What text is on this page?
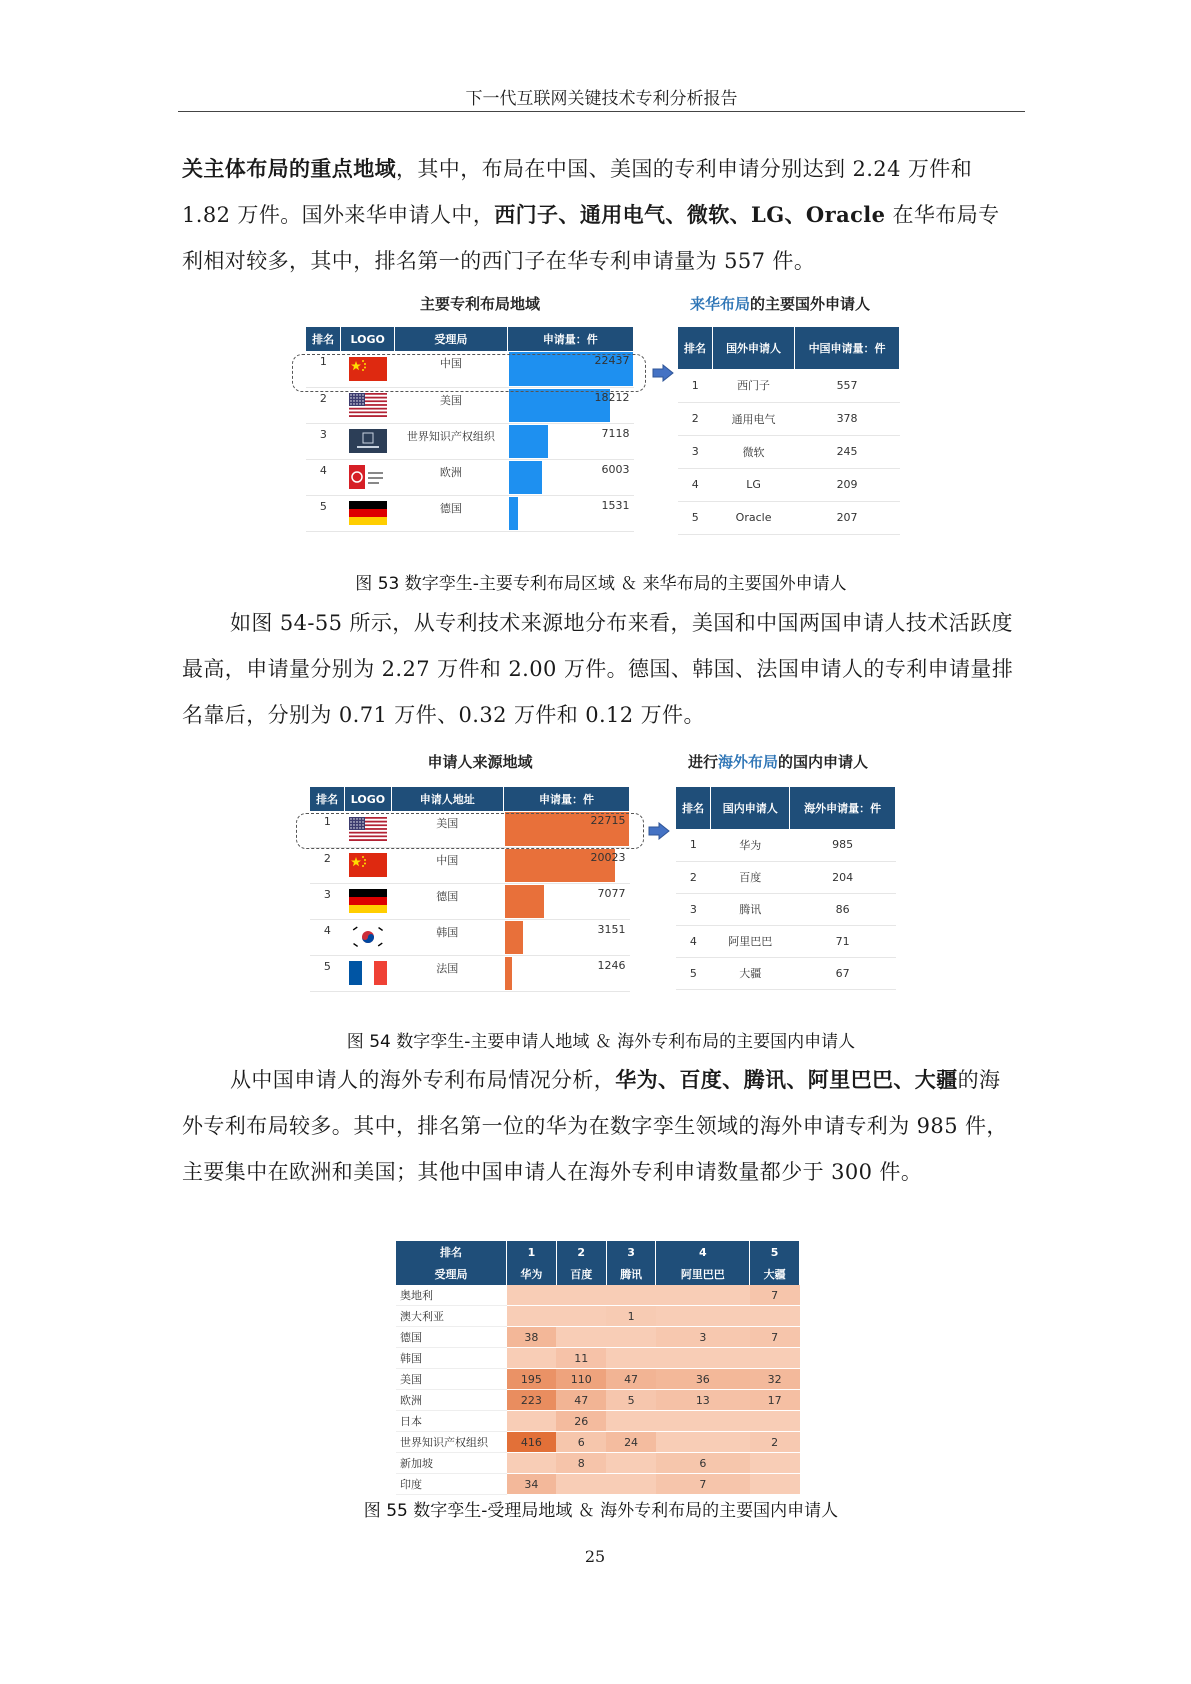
下一代互联网关键技术专利分析报告
关主体布局的重点地域，其中，布局在中国、美国的专利申请分别达到 2.24 万件和 1.82 万件。国外来华申请人中，西门子、通用电气、微软、LG、Oracle 在华布局专利相对较多，其中，排名第一的西门子在华专利申请量为 557 件。
主要专利布局地域	来华布局的主要国外申请人
排名	LOGO	受理局	申请量：件
1		中国	22437

2		美国	18212

3		世界知识产权组织	7118

4		欧洲	6003

5		德国	1531
排名	国外申请人	中国申请量：件
1	西门子	557
2	通用电气	378
3	微软	245
4	LG	209
5	Oracle	207
图 53 数字孪生-主要专利布局区域 ＆ 来华布局的主要国外申请人
如图 54-55 所示，从专利技术来源地分布来看，美国和中国两国申请人技术活跃度最高，申请量分别为 2.27 万件和 2.00 万件。德国、韩国、法国申请人的专利申请量排名靠后，分别为 0.71 万件、0.32 万件和 0.12 万件。
申请人来源地域	进行海外布局的国内申请人
排名	LOGO	申请人地址	申请量：件
1		美国	22715

2		中国	20023

3		德国	7077

4		韩国	3151

5		法国	1246
排名	国内申请人	海外申请量：件
1	华为	985
2	百度	204
3	腾讯	86
4	阿里巴巴	71
5	大疆	67
图 54 数字孪生-主要申请人地域 ＆ 海外专利布局的主要国内申请人
从中国申请人的海外专利布局情况分析，华为、百度、腾讯、阿里巴巴、大疆的海外专利布局较多。其中，排名第一位的华为在数字孪生领域的海外申请专利为 985 件，主要集中在欧洲和美国；其他中国申请人在海外专利申请数量都少于 300 件。
排名	1	2	3	4	5
受理局	华为	百度	腾讯	阿里巴巴	大疆
奥地利					7
澳大利亚			1		
德国	38			3	7
韩国		11			
美国	195	110	47	36	32
欧洲	223	47	5	13	17
日本		26			
世界知识产权组织	416	6	24		2
新加坡		8		6	
印度	34			7	
图 55 数字孪生-受理局地域 ＆ 海外专利布局的主要国内申请人
25
